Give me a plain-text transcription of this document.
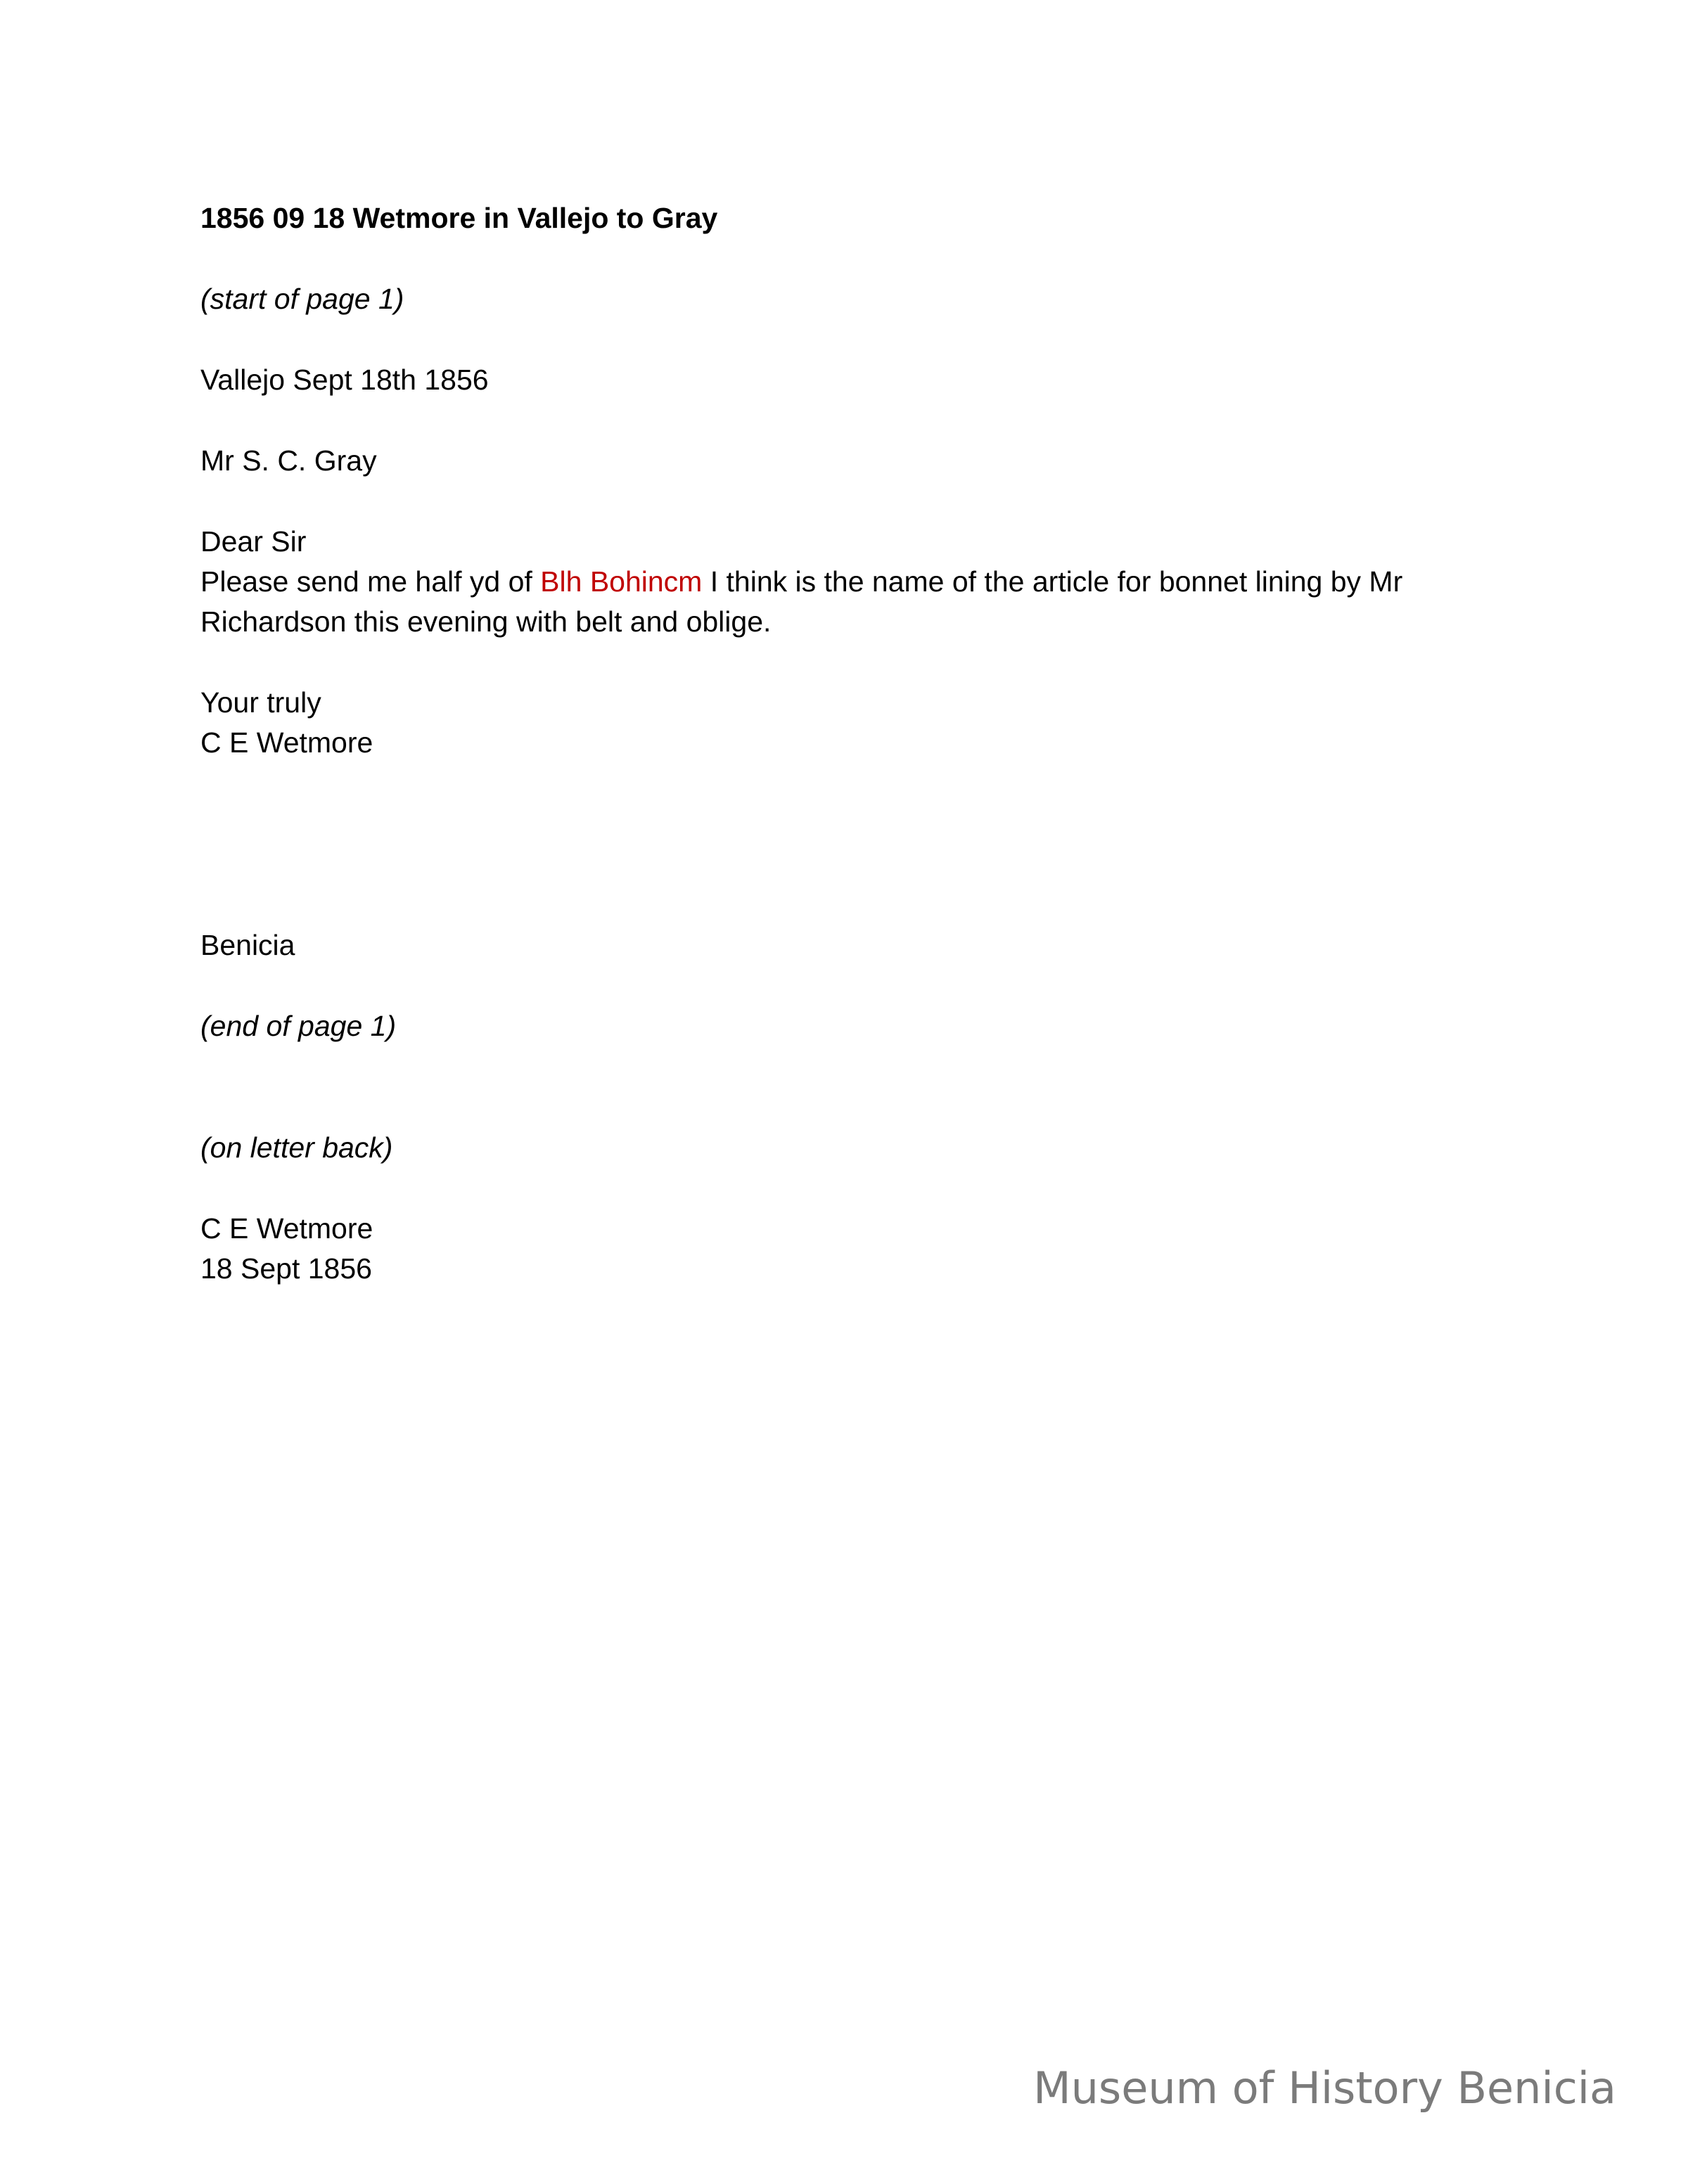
1856 09 18 Wetmore in Vallejo to Gray

(start of page 1)

Vallejo Sept 18th 1856

Mr S. C. Gray

Dear Sir

Please send me half yd of Blh Bohincm I think is the name of the article for bonnet lining by Mr Richardson this evening with belt and oblige.

Your truly

C E Wetmore

Benicia

(end of page 1)

(on letter back)

C E Wetmore

18 Sept 1856

Museum of History Benicia
